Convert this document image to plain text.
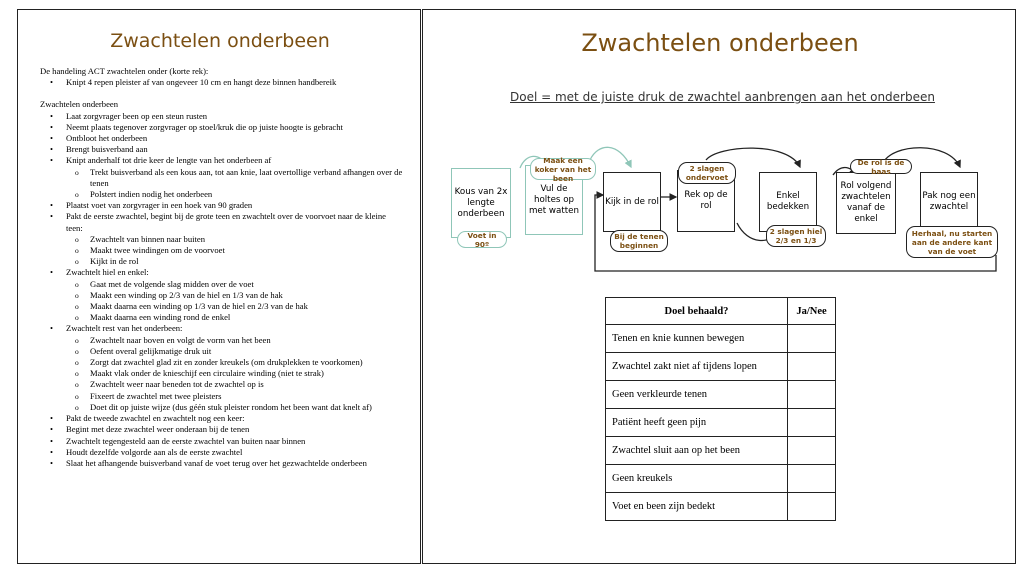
Zwachtelen onderbeen

De handeling ACT zwachtelen onder (korte rek):

• Knipt 4 repen pleister af van ongeveer 10 cm en hangt deze binnen handbereik

Zwachtelen onderbeen

• Laat zorgvrager been op een steun rusten
• Neemt plaats tegenover zorgvrager op stoel/kruk die op juiste hoogte is gebracht
• Ontbloot het onderbeen
• Brengt buisverband aan
• Knipt anderhalf tot drie keer de lengte van het onderbeen af
o Trekt buisverband als een kous aan, tot aan knie, laat overtollige verband afhangen over de tenen
o Polstert indien nodig het onderbeen
• Plaatst voet van zorgvrager in een hoek van 90 graden
• Pakt de eerste zwachtel, begint bij de grote teen en zwachtelt over de voorvoet naar de kleine teen:
o Zwachtelt van binnen naar buiten
o Maakt twee windingen om de voorvoet
o Kijkt in de rol
• Zwachtelt hiel en enkel:
o Gaat met de volgende slag midden over de voet
o Maakt een winding op 2/3 van de hiel en 1/3 van de hak
o Maakt daarna een winding op 1/3 van de hiel en 2/3 van de hak
o Maakt daarna een winding rond de enkel
• Zwachtelt rest van het onderbeen:
o Zwachtelt naar boven en volgt de vorm van het been
o Oefent overal gelijkmatige druk uit
o Zorgt dat zwachtel glad zit en zonder kreukels (om drukplekken te voorkomen)
o Maakt vlak onder de knieschijf een circulaire winding (niet te strak)
o Zwachtelt weer naar beneden tot de zwachtel op is
o Fixeert de zwachtel met twee pleisters
o Doet dit op juiste wijze (dus géén stuk pleister rondom het been want dat knelt af)
• Pakt de tweede zwachtel en zwachtelt nog een keer:
• Begint met deze zwachtel weer onderaan bij de tenen
• Zwachtelt tegengesteld aan de eerste zwachtel van buiten naar binnen
• Houdt dezelfde volgorde aan als de eerste zwachtel
• Slaat het afhangende buisverband vanaf de voet terug over het gezwachtelde onderbeen
Zwachtelen onderbeen
Doel = met de juiste druk de zwachtel aanbrengen aan het onderbeen
Kous van 2x lengte onderbeen
Vul de holtes op met watten
Kijk in de rol
Rek op de rol
Enkel bedekken
Rol volgend zwachtelen vanaf de enkel
Pak nog een zwachtel
Voet in 90º
Maak een koker van het been
Bij de tenen beginnen
2 slagen ondervoet
2 slagen hiel 2/3 en 1/3
De rol is de baas
Herhaal, nu starten aan de andere kant van de voet
Doel behaald?	Ja/Nee
Tenen en knie kunnen bewegen	
Zwachtel zakt niet af tijdens lopen	
Geen verkleurde tenen	
Patiënt heeft geen pijn	
Zwachtel sluit aan op het been	
Geen kreukels	
Voet en been zijn bedekt	
